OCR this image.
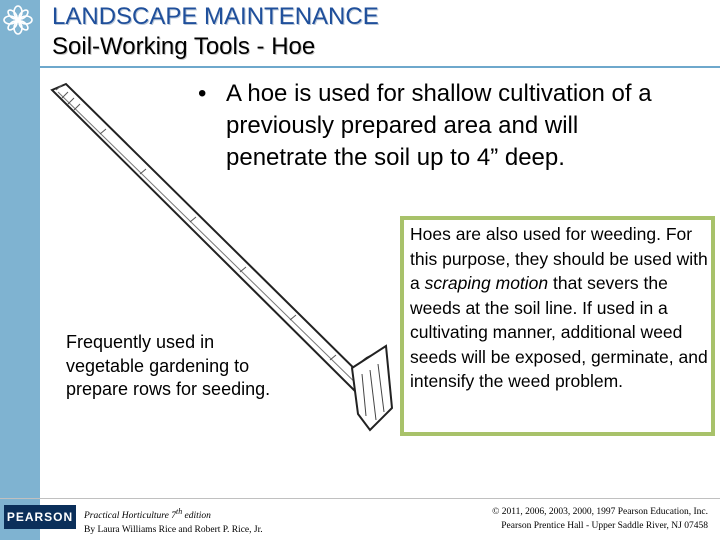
LANDSCAPE MAINTENANCE
Soil-Working Tools - Hoe
• A hoe is used for shallow cultivation of a previously prepared area and will penetrate the soil up to 4” deep.
Frequently used in vegetable gardening to prepare rows for seeding.

Hoes are also used for weeding. For this purpose, they should be used with a scraping motion that severs the weeds at the soil line. If used in a cultivating manner, additional weed seeds will be exposed, germinate, and intensify the weed problem.

PEARSON Practical Horticulture 7th edition
By Laura Williams Rice and Robert P. Rice, Jr.
© 2011, 2006, 2003, 2000, 1997 Pearson Education, Inc.
Pearson Prentice Hall - Upper Saddle River, NJ 07458
